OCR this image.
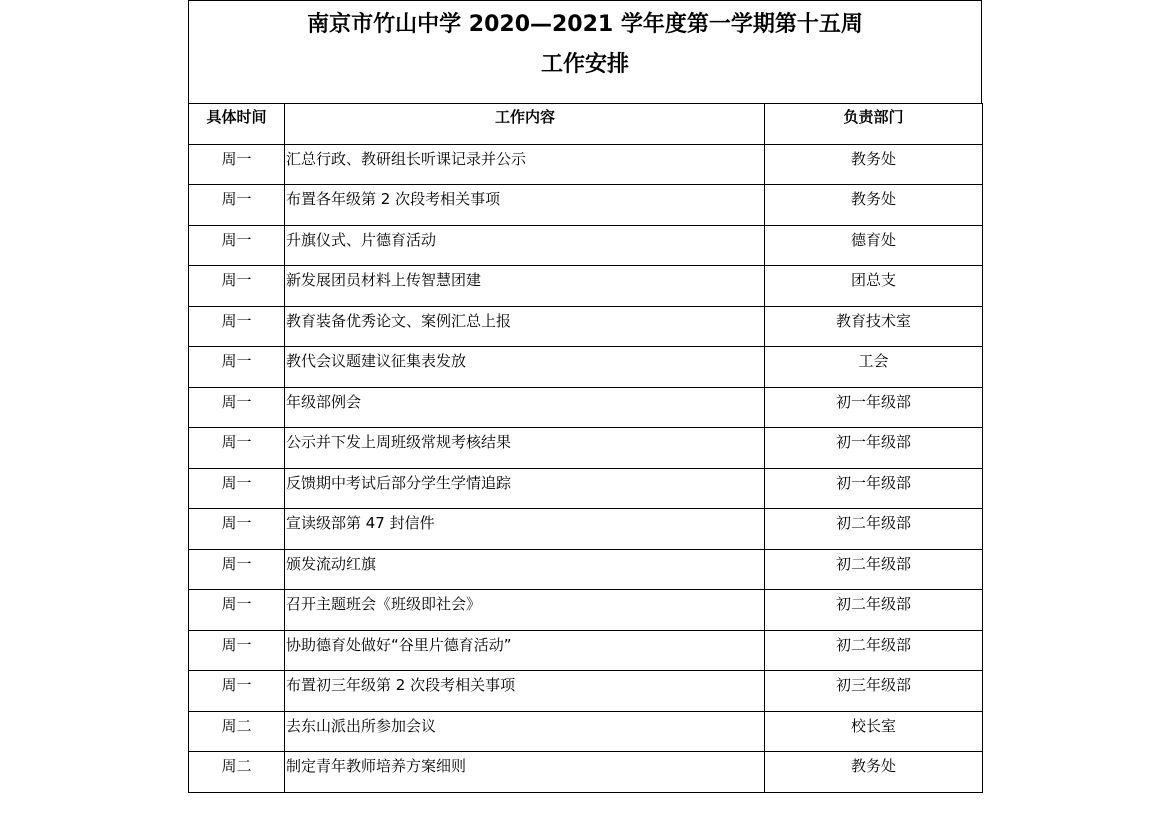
南京市竹山中学 2020—2021 学年度第一学期第十五周
工作安排
具体时间	工作内容	负责部门
周一	汇总行政、教研组长听课记录并公示	教务处
周一	布置各年级第 2 次段考相关事项	教务处
周一	升旗仪式、片德育活动	德育处
周一	新发展团员材料上传智慧团建	团总支
周一	教育装备优秀论文、案例汇总上报	教育技术室
周一	教代会议题建议征集表发放	工会
周一	年级部例会	初一年级部
周一	公示并下发上周班级常规考核结果	初一年级部
周一	反馈期中考试后部分学生学情追踪	初一年级部
周一	宣读级部第 47 封信件	初二年级部
周一	颁发流动红旗	初二年级部
周一	召开主题班会《班级即社会》	初二年级部
周一	协助德育处做好“谷里片德育活动”	初二年级部
周一	布置初三年级第 2 次段考相关事项	初三年级部
周二	去东山派出所参加会议	校长室
周二	制定青年教师培养方案细则	教务处
